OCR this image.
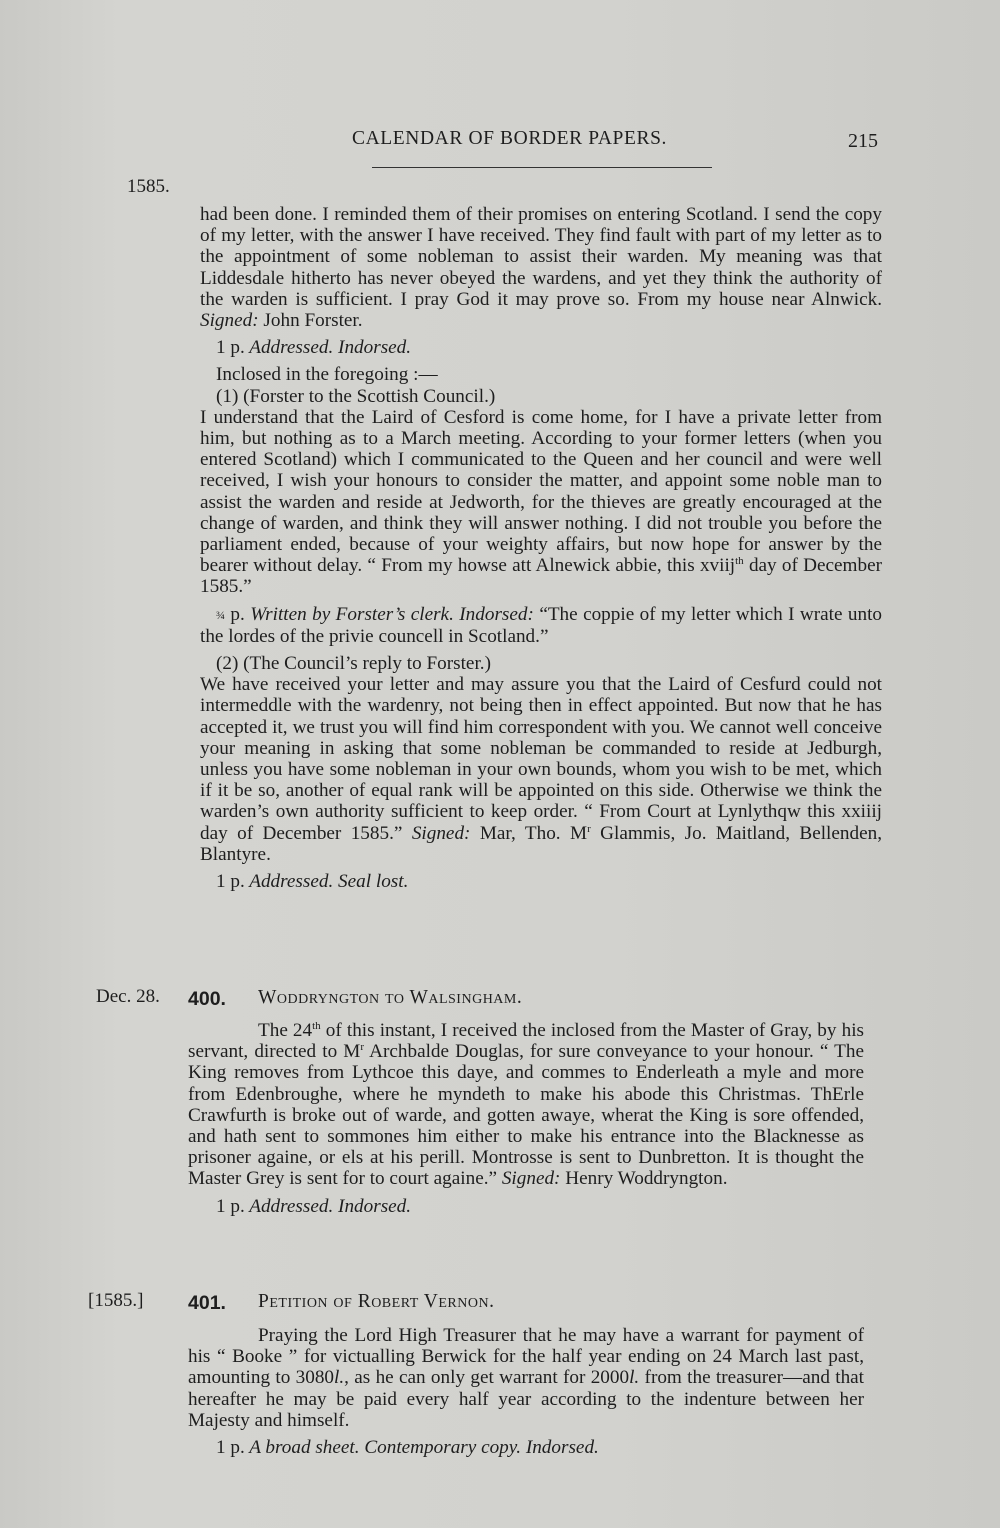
CALENDAR OF BORDER PAPERS.	215
1585.

had been done. I reminded them of their promises on entering Scotland. I send the copy of my letter, with the answer I have received. They find fault with part of my letter as to the appointment of some nobleman to assist their warden. My meaning was that Liddesdale hitherto has never obeyed the wardens, and yet they think the authority of the warden is sufficient. I pray God it may prove so. From my house near Alnwick. Signed: John Forster.

1 p. Addressed. Indorsed.

Inclosed in the foregoing :—

(1) (Forster to the Scottish Council.)

I understand that the Laird of Cesford is come home, for I have a private letter from him, but nothing as to a March meeting. According to your former letters (when you entered Scotland) which I communicated to the Queen and her council and were well received, I wish your honours to consider the matter, and appoint some noble man to assist the warden and reside at Jedworth, for the thieves are greatly encouraged at the change of warden, and think they will answer nothing. I did not trouble you before the parliament ended, because of your weighty affairs, but now hope for answer by the bearer without delay. “ From my howse att Alnewick abbie, this xviij$^{th}$ day of December 1585.”

¾ p. Written by Forster’s clerk. Indorsed: “The coppie of my letter which I wrate unto the lordes of the privie councell in Scotland.”

(2) (The Council’s reply to Forster.)

We have received your letter and may assure you that the Laird of Cesfurd could not intermeddle with the wardenry, not being then in effect appointed. But now that he has accepted it, we trust you will find him correspondent with you. We cannot well conceive your meaning in asking that some nobleman be commanded to reside at Jedburgh, unless you have some nobleman in your own bounds, whom you wish to be met, which if it be so, another of equal rank will be appointed on this side. Otherwise we think the warden’s own authority sufficient to keep order. “ From Court at Lynlythqw this xxiiij day of December 1585.” Signed: Mar, Tho. $M^r$ Glammis, Jo. Maitland, Bellenden, Blantyre.

1 p. Addressed. Seal lost.

Dec. 28. 400. Woddryngton to Walsingham.

The 24th of this instant, I received the inclosed from the Master of Gray, by his servant, directed to $M^r$ Archbalde Douglas, for sure conveyance to your honour. “ The King removes from Lythcoe this daye, and commes to Enderleath a myle and more from Edenbroughe, where he myndeth to make his abode this Christmas. ThErle Crawfurth is broke out of warde, and gotten awaye, wherat the King is sore offended, and hath sent to sommones him either to make his entrance into the Blacknesse as prisoner againe, or els at his perill. Montrosse is sent to Dunbretton. It is thought the Master Grey is sent for to court againe.” Signed: Henry Woddryngton.

1 p. Addressed. Indorsed.

[1585.] 401. Petition of Robert Vernon.

Praying the Lord High Treasurer that he may have a warrant for payment of his “ Booke ” for victualling Berwick for the half year ending on 24 March last past, amounting to 3080l., as he can only get warrant for 2000l. from the treasurer—and that hereafter he may be paid every half year according to the indenture between her Majesty and himself.

1 p. A broad sheet. Contemporary copy. Indorsed.
